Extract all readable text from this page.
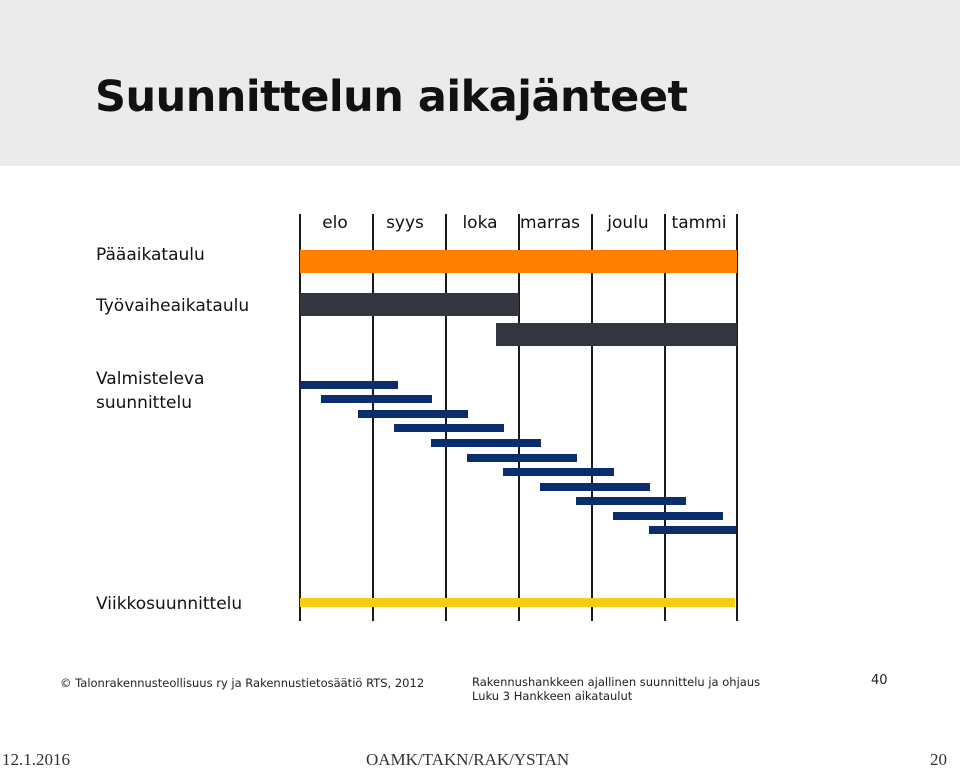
Suunnittelun aikajänteet
elo syys loka marras joulu tammi
Pääaikataulu
Työvaiheaikataulu
Valmisteleva
suunnittelu
Viikkosuunnittelu
© Talonrakennusteollisuus ry ja Rakennustietosäätiö RTS, 2012	Rakennushankkeen ajallinen suunnittelu ja ohjaus
Luku 3 Hankkeen aikataulut
40
12.1.2016	OAMK/TAKN/RAK/YSTAN	20
